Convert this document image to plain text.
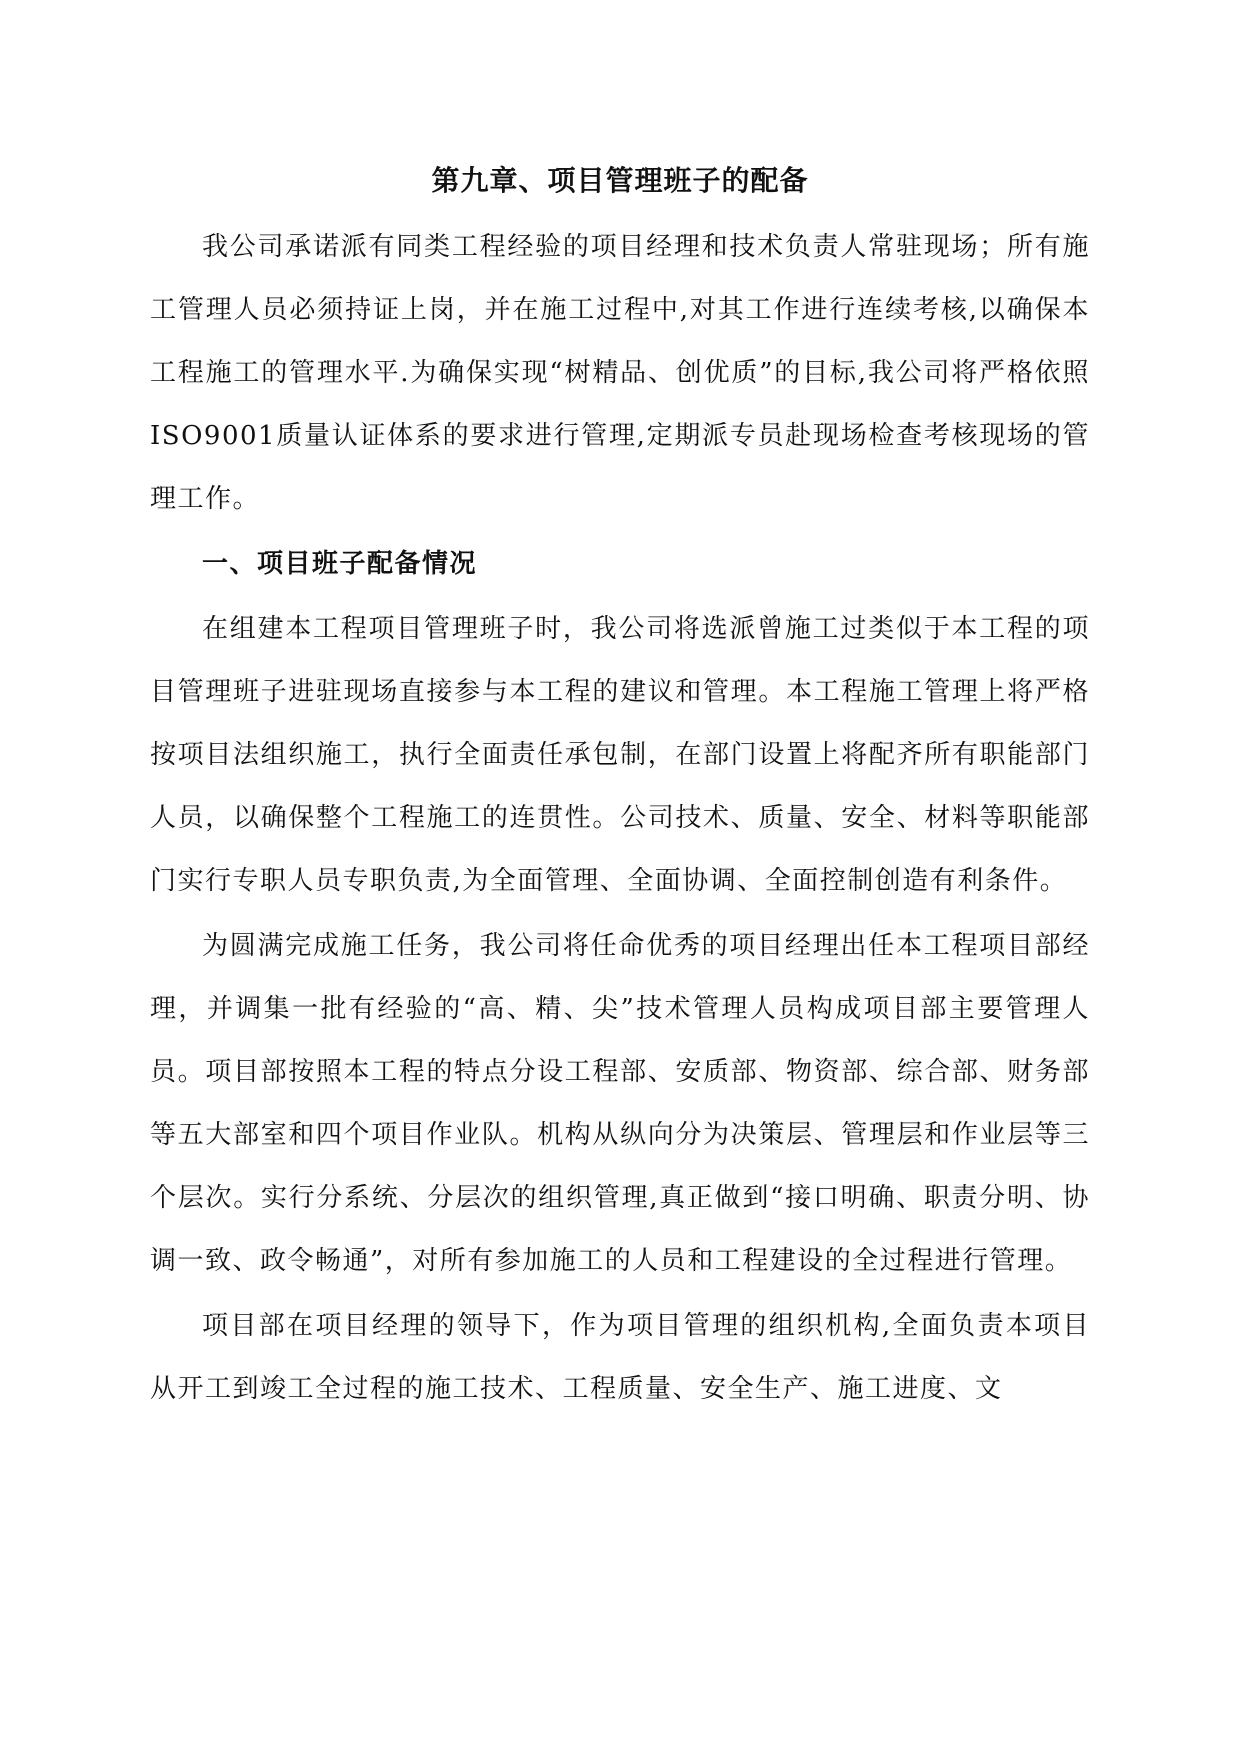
第九章、项目管理班子的配备

我公司承诺派有同类工程经验的项目经理和技术负责人常驻现场；所有施工管理人员必须持证上岗，并在施工过程中,对其工作进行连续考核,以确保本工程施工的管理水平.为确保实现“树精品、创优质”的目标,我公司将严格依照ISO9001质量认证体系的要求进行管理,定期派专员赴现场检查考核现场的管理工作。

一、项目班子配备情况

在组建本工程项目管理班子时，我公司将选派曾施工过类似于本工程的项目管理班子进驻现场直接参与本工程的建议和管理。本工程施工管理上将严格按项目法组织施工，执行全面责任承包制，在部门设置上将配齐所有职能部门人员，以确保整个工程施工的连贯性。公司技术、质量、安全、材料等职能部门实行专职人员专职负责,为全面管理、全面协调、全面控制创造有利条件。

为圆满完成施工任务，我公司将任命优秀的项目经理出任本工程项目部经理，并调集一批有经验的“高、精、尖”技术管理人员构成项目部主要管理人员。项目部按照本工程的特点分设工程部、安质部、物资部、综合部、财务部等五大部室和四个项目作业队。机构从纵向分为决策层、管理层和作业层等三个层次。实行分系统、分层次的组织管理,真正做到“接口明确、职责分明、协调一致、政令畅通”，对所有参加施工的人员和工程建设的全过程进行管理。

项目部在项目经理的领导下，作为项目管理的组织机构,全面负责本项目从开工到竣工全过程的施工技术、工程质量、安全生产、施工进度、文
